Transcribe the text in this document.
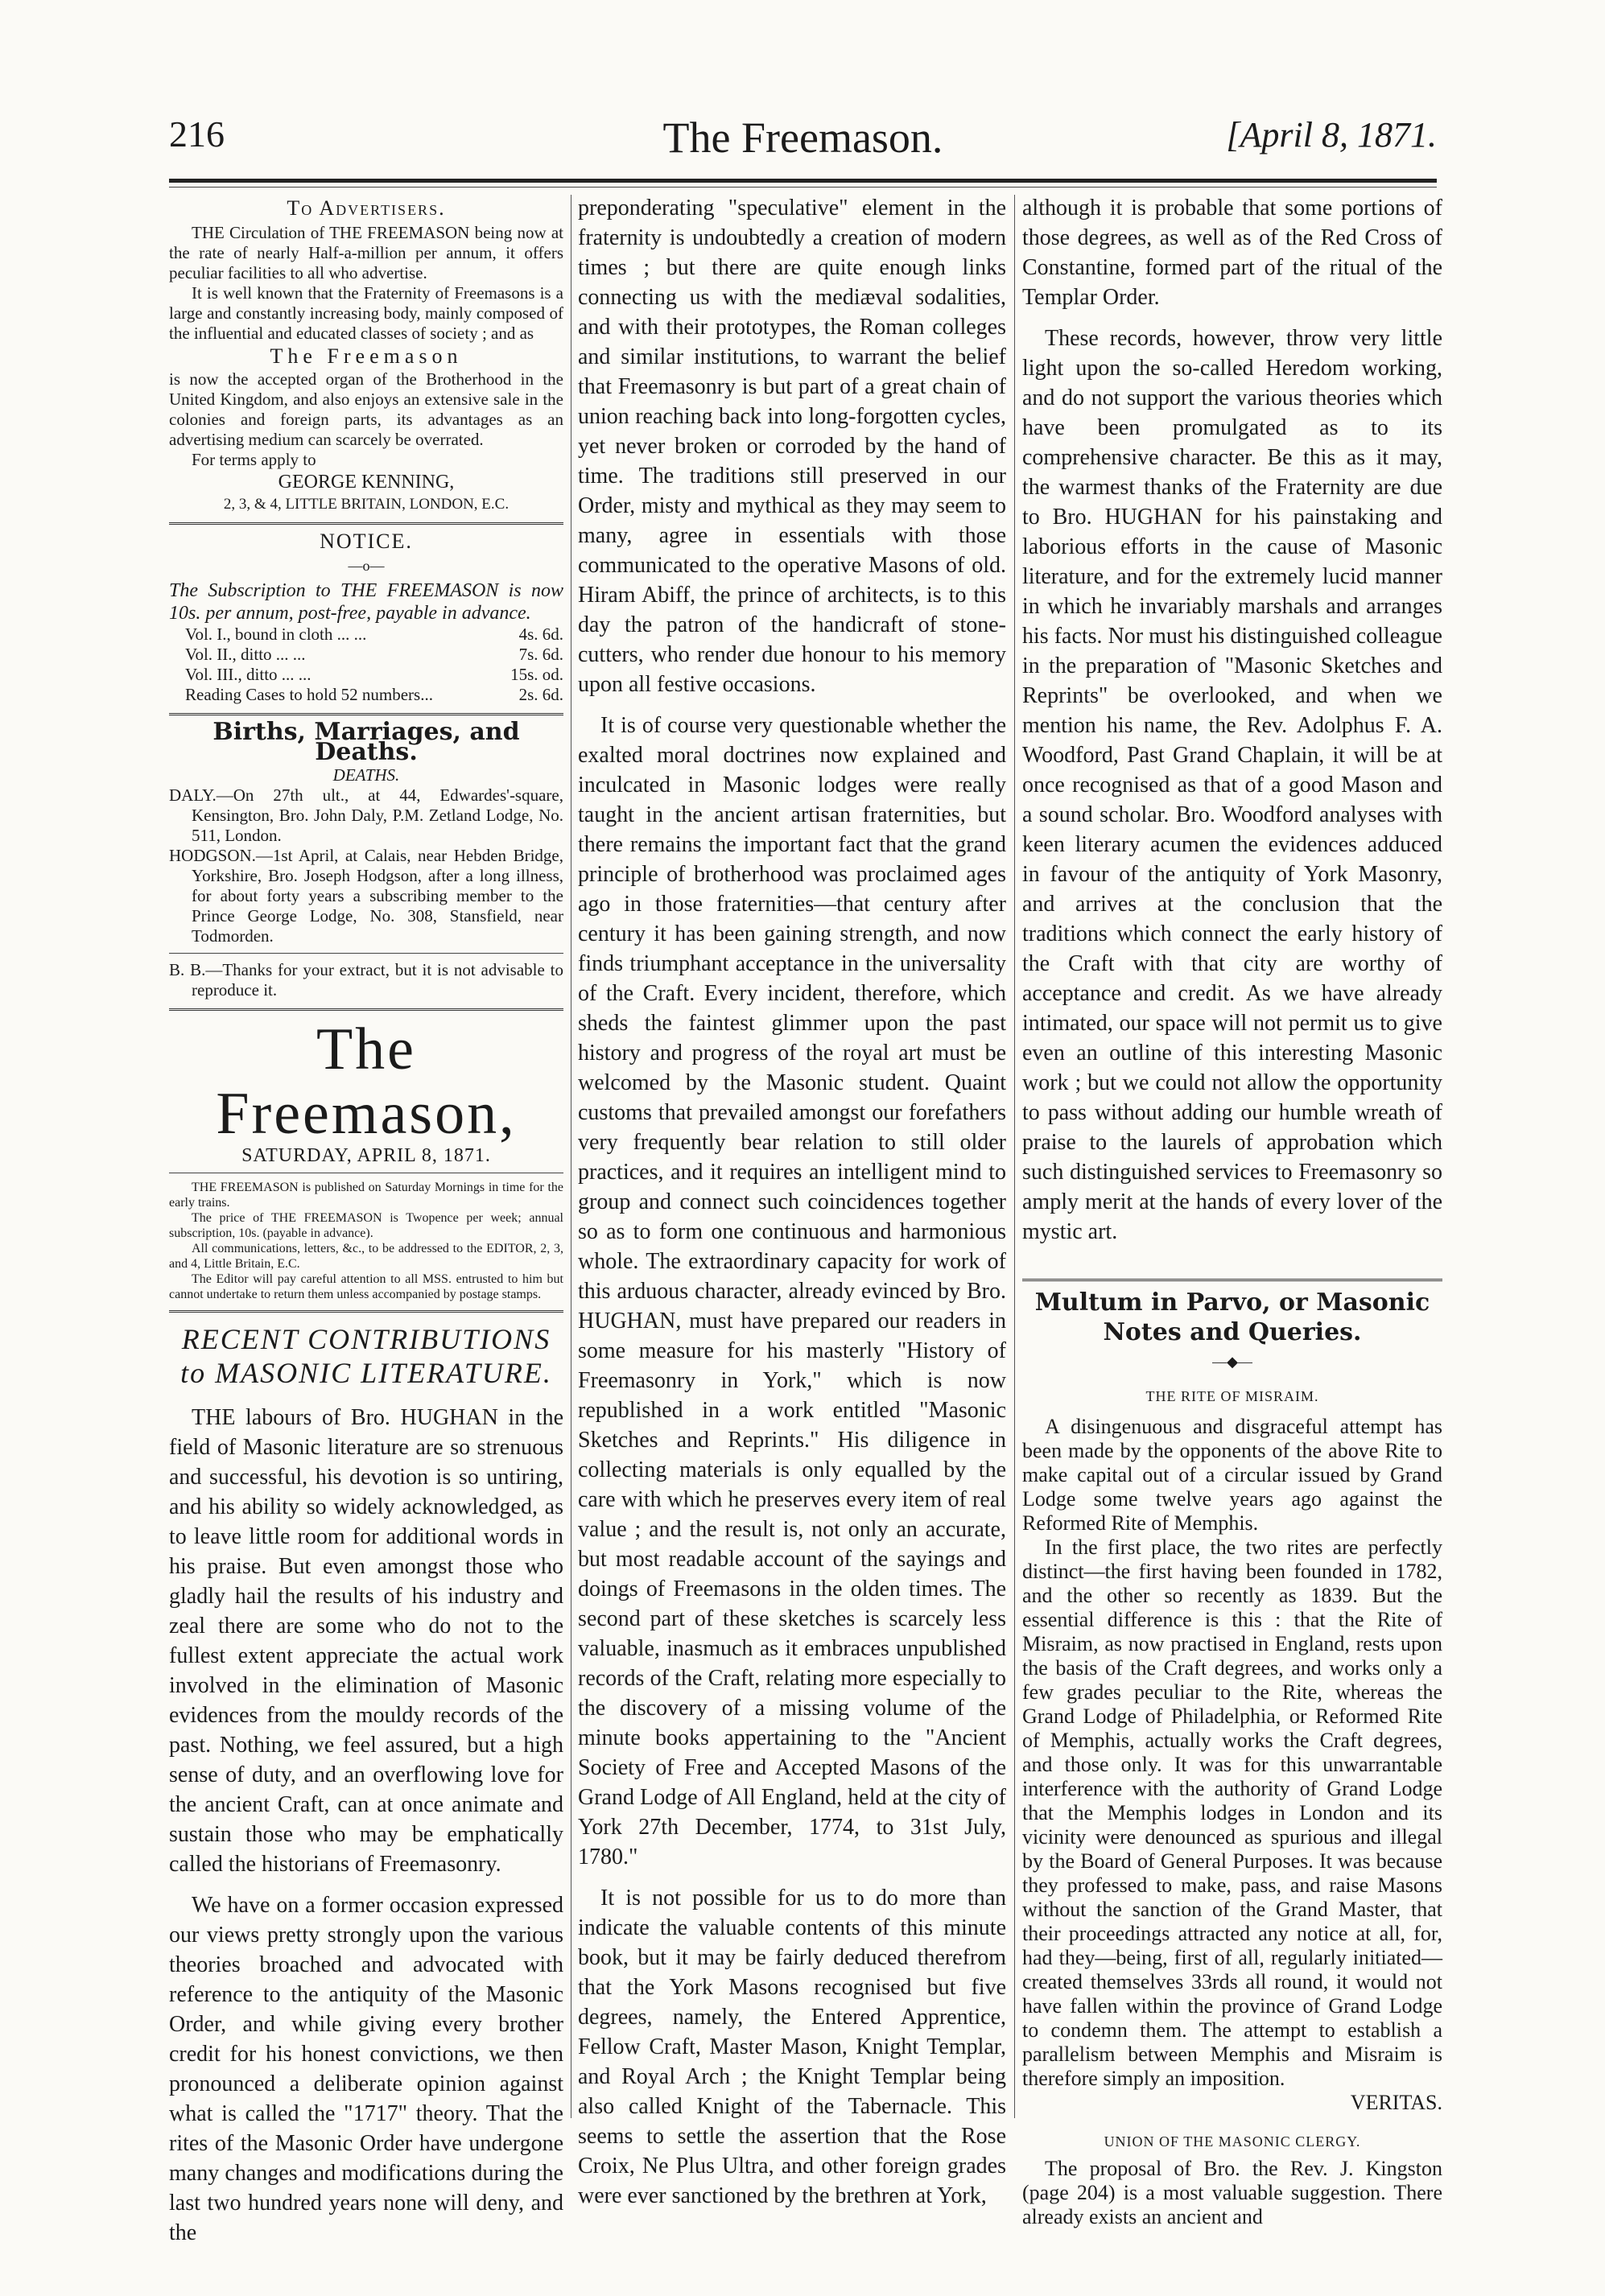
216	The Freemason.	[April 8, 1871.
To Advertisers.

THE Circulation of THE FREEMASON being now at the rate of nearly Half-a-million per annum, it offers peculiar facilities to all who advertise.

It is well known that the Fraternity of Freemasons is a large and constantly increasing body, mainly composed of the influential and educated classes of society ; and as

The Freemason

is now the accepted organ of the Brotherhood in the United Kingdom, and also enjoys an extensive sale in the colonies and foreign parts, its advantages as an advertising medium can scarcely be overrated.

For terms apply to

GEORGE KENNING,

2, 3, & 4, LITTLE BRITAIN, LONDON, E.C.

NOTICE.
—o—

The Subscription to THE FREEMASON is now 10s. per annum, post-free, payable in advance.

Vol. I., bound in cloth ... ...	4s. 6d.
Vol. II., ditto ... ...	7s. 6d.
Vol. III., ditto ... ...	15s. od.
Reading Cases to hold 52 numbers...	2s. 6d.
Births, Marriages, and Deaths.

DEATHS.

DALY.—On 27th ult., at 44, Edwardes'-square, Kensington, Bro. John Daly, P.M. Zetland Lodge, No. 511, London.

HODGSON.—1st April, at Calais, near Hebden Bridge, Yorkshire, Bro. Joseph Hodgson, after a long illness, for about forty years a subscribing member to the Prince George Lodge, No. 308, Stansfield, near Todmorden.

B. B.—Thanks for your extract, but it is not advisable to reproduce it.

The Freemason,
SATURDAY, APRIL 8, 1871.

THE FREEMASON is published on Saturday Mornings in time for the early trains.

The price of THE FREEMASON is Twopence per week; annual subscription, 10s. (payable in advance).

All communications, letters, &c., to be addressed to the EDITOR, 2, 3, and 4, Little Britain, E.C.

The Editor will pay careful attention to all MSS. entrusted to him but cannot undertake to return them unless accompanied by postage stamps.

RECENT CONTRIBUTIONS to MASONIC LITERATURE.

THE labours of Bro. HUGHAN in the field of Masonic literature are so strenuous and successful, his devotion is so untiring, and his ability so widely acknowledged, as to leave little room for additional words in his praise. But even amongst those who gladly hail the results of his industry and zeal there are some who do not to the fullest extent appreciate the actual work involved in the elimination of Masonic evidences from the mouldy records of the past. Nothing, we feel assured, but a high sense of duty, and an overflowing love for the ancient Craft, can at once animate and sustain those who may be emphatically called the historians of Freemasonry.

We have on a former occasion expressed our views pretty strongly upon the various theories broached and advocated with reference to the antiquity of the Masonic Order, and while giving every brother credit for his honest convictions, we then pronounced a deliberate opinion against what is called the "1717" theory. That the rites of the Masonic Order have undergone many changes and modifications during the last two hundred years none will deny, and the

preponderating "speculative" element in the fraternity is undoubtedly a creation of modern times ; but there are quite enough links connecting us with the mediæval sodalities, and with their prototypes, the Roman colleges and similar institutions, to warrant the belief that Freemasonry is but part of a great chain of union reaching back into long-forgotten cycles, yet never broken or corroded by the hand of time. The traditions still preserved in our Order, misty and mythical as they may seem to many, agree in essentials with those communicated to the operative Masons of old. Hiram Abiff, the prince of architects, is to this day the patron of the handicraft of stone-cutters, who render due honour to his memory upon all festive occasions.

It is of course very questionable whether the exalted moral doctrines now explained and inculcated in Masonic lodges were really taught in the ancient artisan fraternities, but there remains the important fact that the grand principle of brotherhood was proclaimed ages ago in those fraternities—that century after century it has been gaining strength, and now finds triumphant acceptance in the universality of the Craft. Every incident, therefore, which sheds the faintest glimmer upon the past history and progress of the royal art must be welcomed by the Masonic student. Quaint customs that prevailed amongst our forefathers very frequently bear relation to still older practices, and it requires an intelligent mind to group and connect such coincidences together so as to form one continuous and harmonious whole. The extraordinary capacity for work of this arduous character, already evinced by Bro. HUGHAN, must have prepared our readers in some measure for his masterly "History of Freemasonry in York," which is now republished in a work entitled "Masonic Sketches and Reprints." His diligence in collecting materials is only equalled by the care with which he preserves every item of real value ; and the result is, not only an accurate, but most readable account of the sayings and doings of Freemasons in the olden times. The second part of these sketches is scarcely less valuable, inasmuch as it embraces unpublished records of the Craft, relating more especially to the discovery of a missing volume of the minute books appertaining to the "Ancient Society of Free and Accepted Masons of the Grand Lodge of All England, held at the city of York 27th December, 1774, to 31st July, 1780."

It is not possible for us to do more than indicate the valuable contents of this minute book, but it may be fairly deduced therefrom that the York Masons recognised but five degrees, namely, the Entered Apprentice, Fellow Craft, Master Mason, Knight Templar, and Royal Arch ; the Knight Templar being also called Knight of the Tabernacle. This seems to settle the assertion that the Rose Croix, Ne Plus Ultra, and other foreign grades were ever sanctioned by the brethren at York,

although it is probable that some portions of those degrees, as well as of the Red Cross of Constantine, formed part of the ritual of the Templar Order.

These records, however, throw very little light upon the so-called Heredom working, and do not support the various theories which have been promulgated as to its comprehensive character. Be this as it may, the warmest thanks of the Fraternity are due to Bro. HUGHAN for his painstaking and laborious efforts in the cause of Masonic literature, and for the extremely lucid manner in which he invariably marshals and arranges his facts. Nor must his distinguished colleague in the preparation of "Masonic Sketches and Reprints" be overlooked, and when we mention his name, the Rev. Adolphus F. A. Woodford, Past Grand Chaplain, it will be at once recognised as that of a good Mason and a sound scholar. Bro. Woodford analyses with keen literary acumen the evidences adduced in favour of the antiquity of York Masonry, and arrives at the conclusion that the traditions which connect the early history of the Craft with that city are worthy of acceptance and credit. As we have already intimated, our space will not permit us to give even an outline of this interesting Masonic work ; but we could not allow the opportunity to pass without adding our humble wreath of praise to the laurels of approbation which such distinguished services to Freemasonry so amply merit at the hands of every lover of the mystic art.

Multum in Parvo, or Masonic Notes and Queries.
—◆—
THE RITE OF MISRAIM.

A disingenuous and disgraceful attempt has been made by the opponents of the above Rite to make capital out of a circular issued by Grand Lodge some twelve years ago against the Reformed Rite of Memphis.

In the first place, the two rites are perfectly distinct—the first having been founded in 1782, and the other so recently as 1839. But the essential difference is this : that the Rite of Misraim, as now practised in England, rests upon the basis of the Craft degrees, and works only a few grades peculiar to the Rite, whereas the Grand Lodge of Philadelphia, or Reformed Rite of Memphis, actually works the Craft degrees, and those only. It was for this unwarrantable interference with the authority of Grand Lodge that the Memphis lodges in London and its vicinity were denounced as spurious and illegal by the Board of General Purposes. It was because they professed to make, pass, and raise Masons without the sanction of the Grand Master, that their proceedings attracted any notice at all, for, had they—being, first of all, regularly initiated—created themselves 33rds all round, it would not have fallen within the province of Grand Lodge to condemn them. The attempt to establish a parallelism between Memphis and Misraim is therefore simply an imposition.

VERITAS.

UNION OF THE MASONIC CLERGY.

The proposal of Bro. the Rev. J. Kingston (page 204) is a most valuable suggestion. There already exists an ancient and
